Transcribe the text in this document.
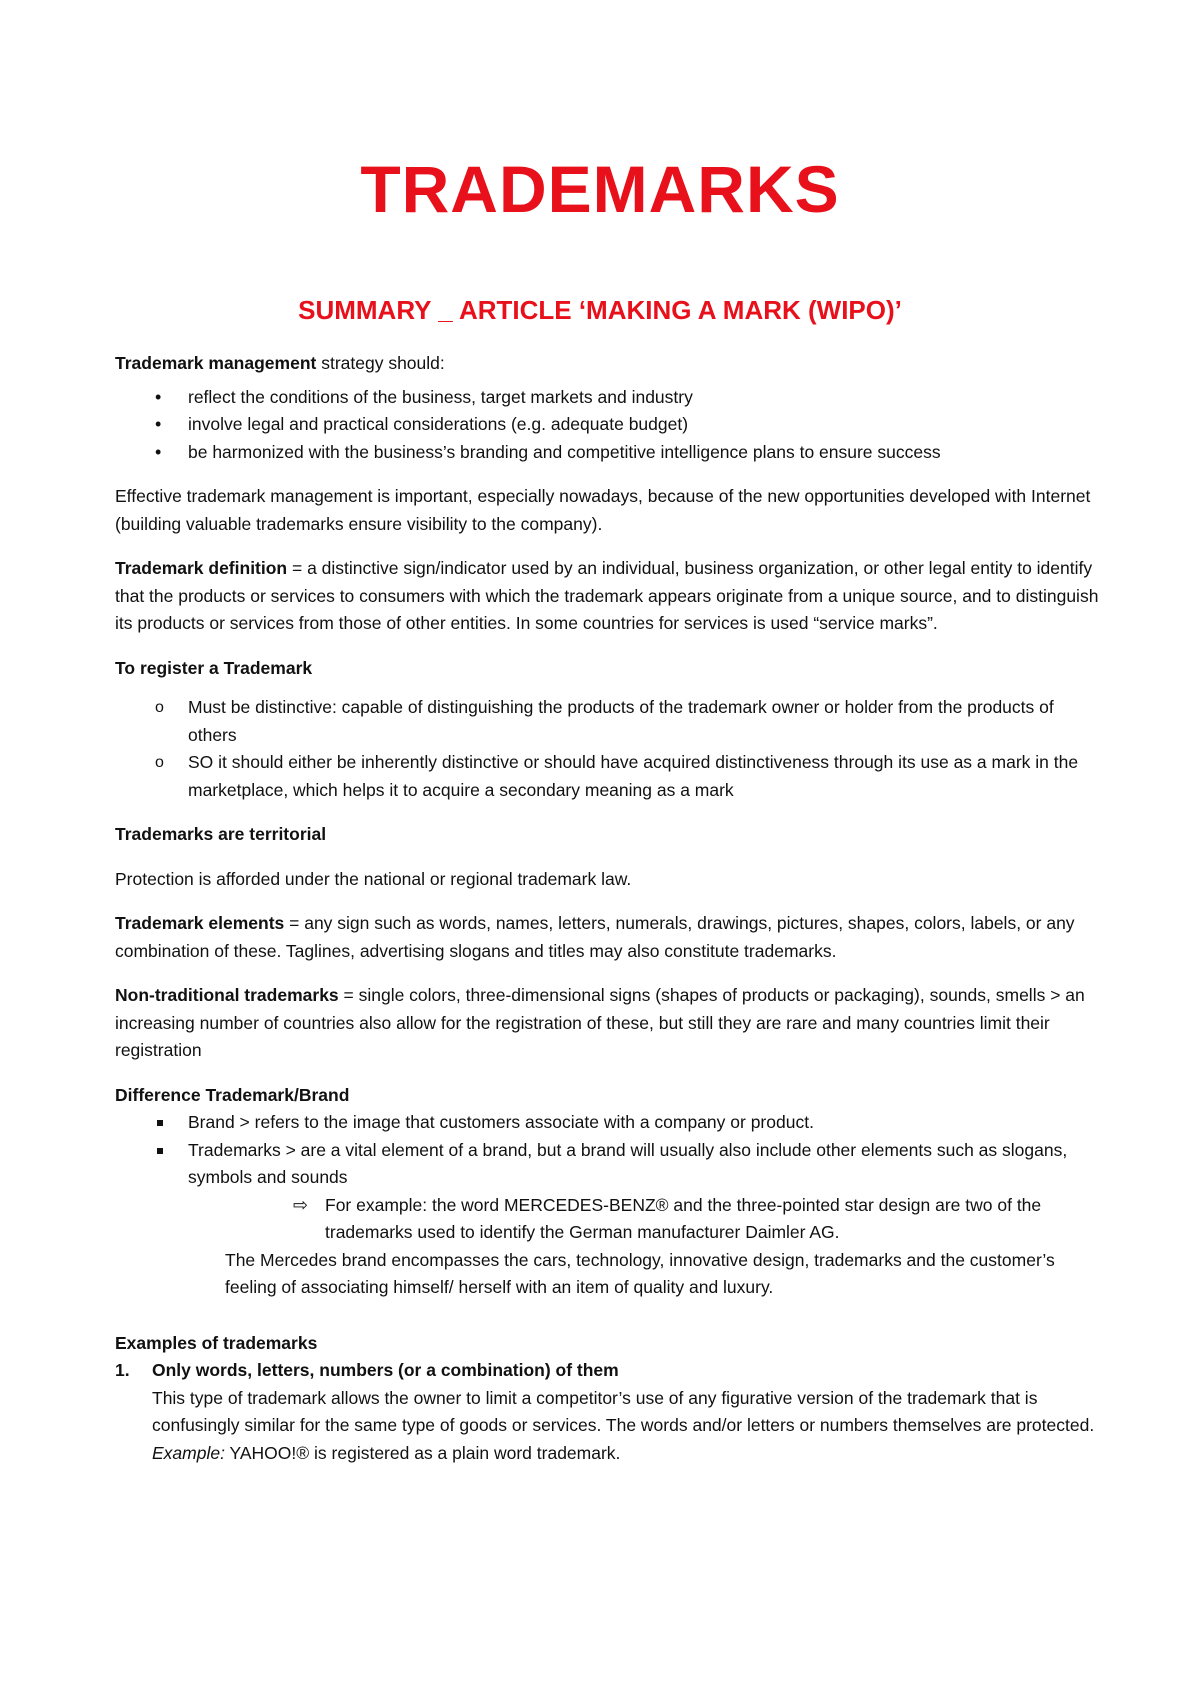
TRADEMARKS
SUMMARY _ ARTICLE ‘MAKING A MARK (WIPO)’

Trademark management strategy should:

• reflect the conditions of the business, target markets and industry
• involve legal and practical considerations (e.g. adequate budget)
• be harmonized with the business’s branding and competitive intelligence plans to ensure success

Effective trademark management is important, especially nowadays, because of the new opportunities developed with Internet (building valuable trademarks ensure visibility to the company).

Trademark definition = a distinctive sign/indicator used by an individual, business organization, or other legal entity to identify that the products or services to consumers with which the trademark appears originate from a unique source, and to distinguish its products or services from those of other entities. In some countries for services is used “service marks”.

To register a Trademark

o Must be distinctive: capable of distinguishing the products of the trademark owner or holder from the products of others
o SO it should either be inherently distinctive or should have acquired distinctiveness through its use as a mark in the marketplace, which helps it to acquire a secondary meaning as a mark

Trademarks are territorial

Protection is afforded under the national or regional trademark law.

Trademark elements = any sign such as words, names, letters, numerals, drawings, pictures, shapes, colors, labels, or any combination of these. Taglines, advertising slogans and titles may also constitute trademarks.

Non-traditional trademarks = single colors, three-dimensional signs (shapes of products or packaging), sounds, smells > an increasing number of countries also allow for the registration of these, but still they are rare and many countries limit their registration

Difference Trademark/Brand

Brand > refers to the image that customers associate with a company or product.
Trademarks > are a vital element of a brand, but a brand will usually also include other elements such as slogans, symbols and sounds
⇨ For example: the word MERCEDES-BENZ® and the three-pointed star design are two of the trademarks used to identify the German manufacturer Daimler AG.

The Mercedes brand encompasses the cars, technology, innovative design, trademarks and the customer’s feeling of associating himself/ herself with an item of quality and luxury.

Examples of trademarks

1. Only words, letters, numbers (or a combination) of them
This type of trademark allows the owner to limit a competitor’s use of any figurative version of the trademark that is confusingly similar for the same type of goods or services. The words and/or letters or numbers themselves are protected.
Example: YAHOO!® is registered as a plain word trademark.
